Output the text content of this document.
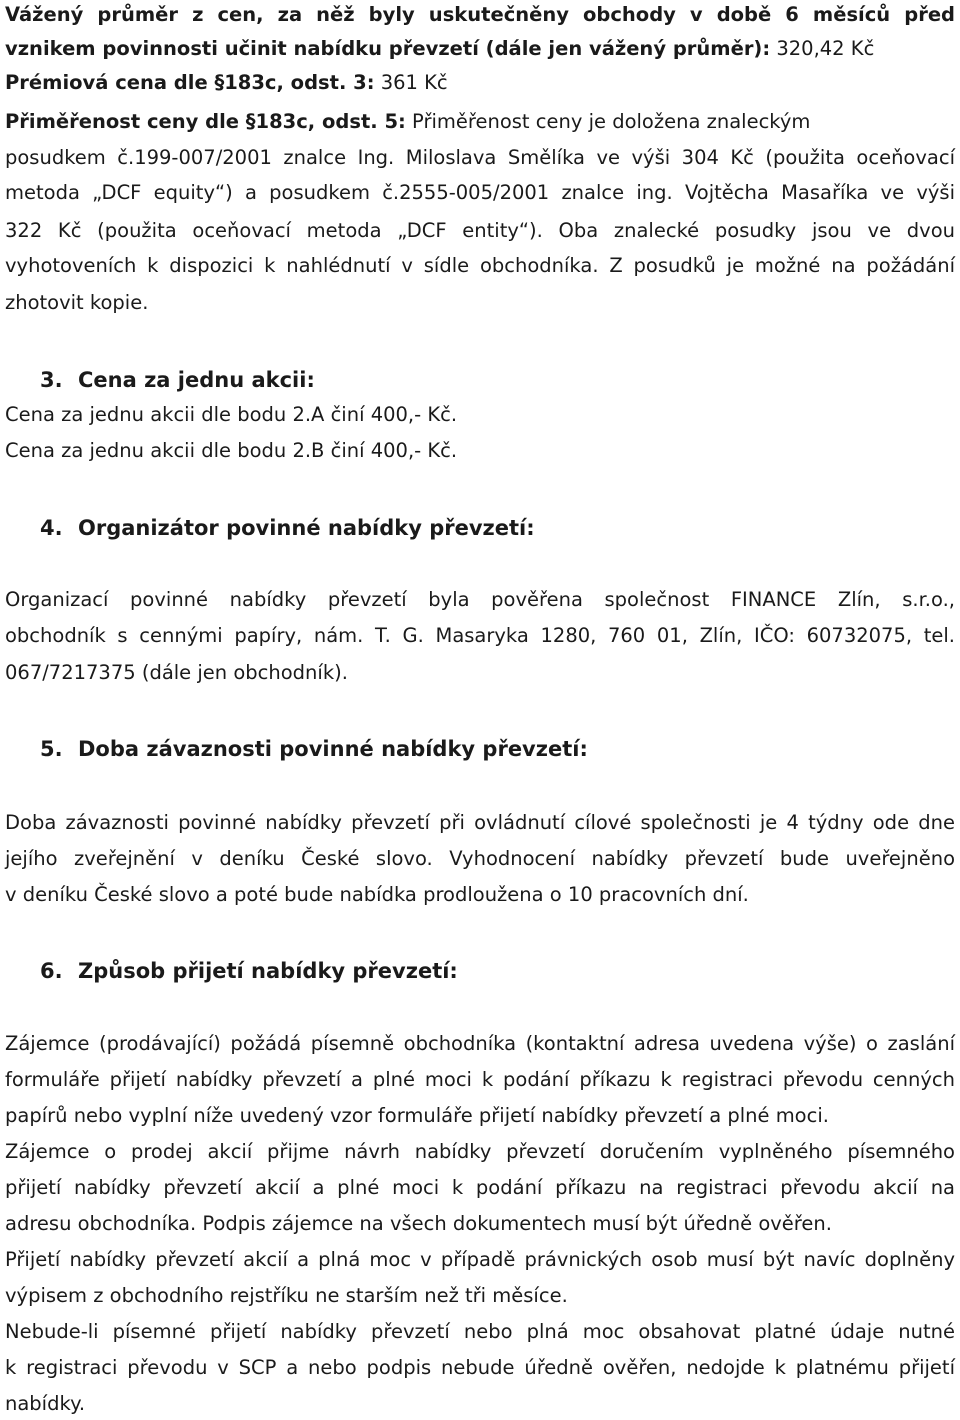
Vážený průměr z cen, za něž byly uskutečněny obchody v době 6 měsíců před
vznikem povinnosti učinit nabídku převzetí (dále jen vážený průměr): 320,42 Kč
Prémiová cena dle §183c, odst. 3: 361 Kč
Přiměřenost ceny dle §183c, odst. 5: Přiměřenost ceny je doložena znaleckým
posudkem č.199-007/2001 znalce Ing. Miloslava Smělíka ve výši 304 Kč (použita oceňovací
metoda „DCF equity“) a posudkem č.2555-005/2001 znalce ing. Vojtěcha Masaříka ve výši
322 Kč (použita oceňovací metoda „DCF entity“). Oba znalecké posudky jsou ve dvou
vyhotoveních k dispozici k nahlédnutí v sídle obchodníka. Z posudků je možné na požádání
zhotovit kopie.
3. Cena za jednu akcii:
Cena za jednu akcii dle bodu 2.A činí 400,- Kč.
Cena za jednu akcii dle bodu 2.B činí 400,- Kč.
4. Organizátor povinné nabídky převzetí:
Organizací povinné nabídky převzetí byla pověřena společnost FINANCE Zlín, s.r.o.,
obchodník s cennými papíry, nám. T. G. Masaryka 1280, 760 01, Zlín, IČO: 60732075, tel.
067/7217375 (dále jen obchodník).
5. Doba závaznosti povinné nabídky převzetí:
Doba závaznosti povinné nabídky převzetí při ovládnutí cílové společnosti je 4 týdny ode dne
jejího zveřejnění v deníku České slovo. Vyhodnocení nabídky převzetí bude uveřejněno
v deníku České slovo a poté bude nabídka prodloužena o 10 pracovních dní.
6. Způsob přijetí nabídky převzetí:
Zájemce (prodávající) požádá písemně obchodníka (kontaktní adresa uvedena výše) o zaslání
formuláře přijetí nabídky převzetí a plné moci k podání příkazu k registraci převodu cenných
papírů nebo vyplní níže uvedený vzor formuláře přijetí nabídky převzetí a plné moci.
Zájemce o prodej akcií přijme návrh nabídky převzetí doručením vyplněného písemného
přijetí nabídky převzetí akcií a plné moci k podání příkazu na registraci převodu akcií na
adresu obchodníka. Podpis zájemce na všech dokumentech musí být úředně ověřen.
Přijetí nabídky převzetí akcií a plná moc v případě právnických osob musí být navíc doplněny
výpisem z obchodního rejstříku ne starším než tři měsíce.
Nebude-li písemné přijetí nabídky převzetí nebo plná moc obsahovat platné údaje nutné
k registraci převodu v SCP a nebo podpis nebude úředně ověřen, nedojde k platnému přijetí
nabídky.
